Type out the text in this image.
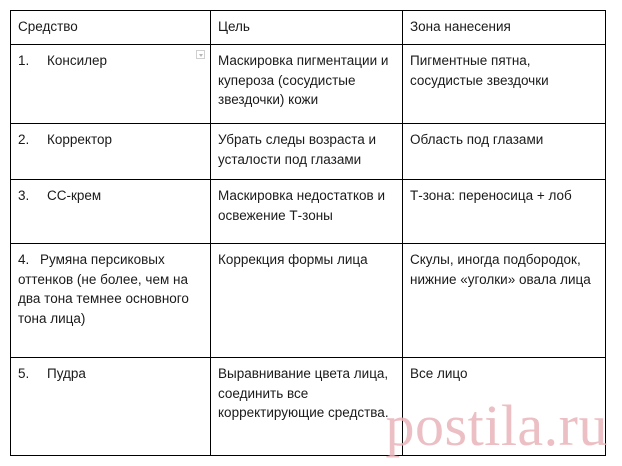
Средство	Цель	Зона нанесения
1. Консилер	Маскировка пигментации и купероза (сосудистые звездочки) кожи	Пигментные пятна, сосудистые звездочки
2. Корректор	Убрать следы возраста и усталости под глазами	Область под глазами
3. СС-крем	Маскировка недостатков и освежение Т-зоны	Т-зона: переносица + лоб
4. Румяна персиковых оттенков (не более, чем на два тона темнее основного тона лица)	Коррекция формы лица	Скулы, иногда подбородок, нижние «уголки» овала лица
5. Пудра	Выравнивание цвета лица, соединить все корректирующие средства.	Все лицо
postila.ru
